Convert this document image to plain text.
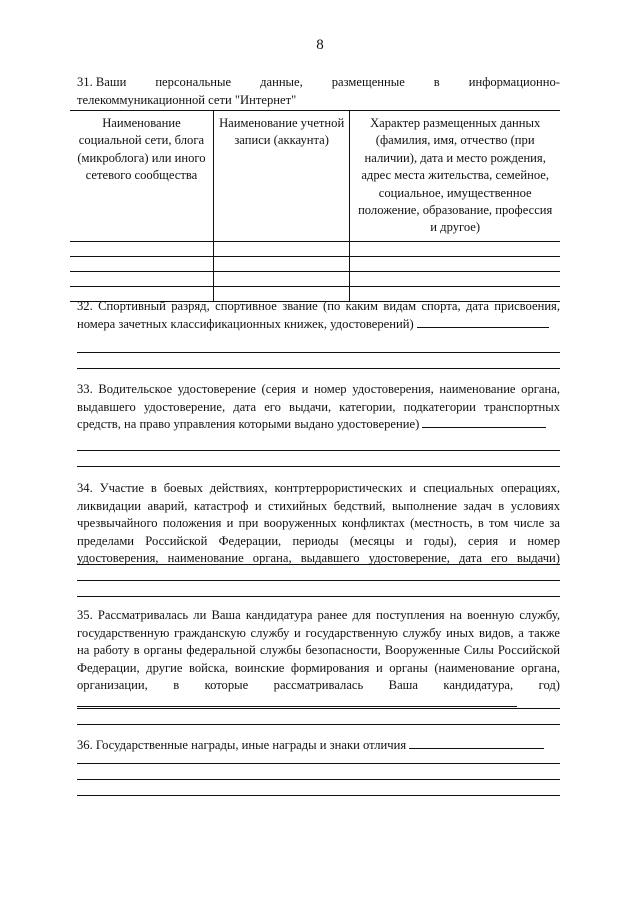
8
31. Ваши персональные данные, размещенные в информационно-
телекоммуникационной сети "Интернет"
Наименование социальной сети, блога (микроблога) или иного сетевого сообщества	Наименование учетной записи (аккаунта)	Характер размещенных данных (фамилия, имя, отчество (при наличии), дата и место рождения, адрес места жительства, семейное, социальное, имущественное положение, образование, профессия и другое)

32. Спортивный разряд, спортивное звание (по каким видам спорта, дата присвоения, номера зачетных классификационных книжек, удостоверений)
33. Водительское удостоверение (серия и номер удостоверения, наименование органа, выдавшего удостоверение, дата его выдачи, категории, подкатегории транспортных средств, на право управления которыми выдано удостоверение)
34. Участие в боевых действиях, контртеррористических и специальных операциях, ликвидации аварий, катастроф и стихийных бедствий, выполнение задач в условиях чрезвычайного положения и при вооруженных конфликтах (местность, в том числе за пределами Российской Федерации, периоды (месяцы и годы), серия и номер удостоверения, наименование органа, выдавшего удостоверение, дата его выдачи)
35. Рассматривалась ли Ваша кандидатура ранее для поступления на военную службу, государственную гражданскую службу и государственную службу иных видов, а также на работу в органы федеральной службы безопасности, Вооруженные Силы Российской Федерации, другие войска, воинские формирования и органы (наименование органа, организации, в которые рассматривалась Ваша кандидатура, год)
36. Государственные награды, иные награды и знаки отличия
